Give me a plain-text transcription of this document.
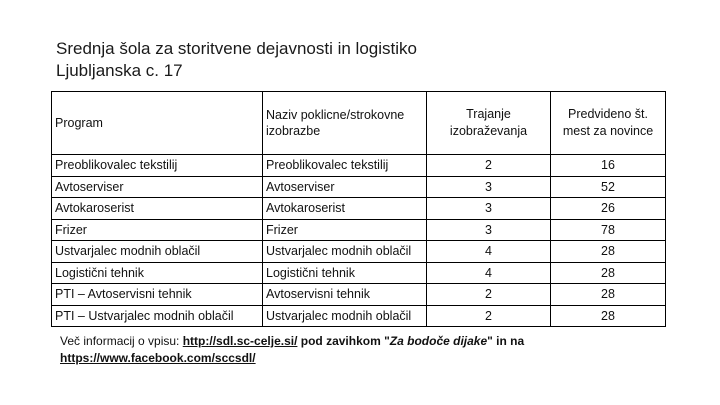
Srednja šola za storitvene dejavnosti in logistiko
Ljubljanska c. 17
Program	Naziv poklicne/strokovne izobrazbe	Trajanje izobraževanja	Predvideno št. mest za novince
Preoblikovalec tekstilij	Preoblikovalec tekstilij	2	16
Avtoserviser	Avtoserviser	3	52
Avtokaroserist	Avtokaroserist	3	26
Frizer	Frizer	3	78
Ustvarjalec modnih oblačil	Ustvarjalec modnih oblačil	4	28
Logistični tehnik	Logistični tehnik	4	28
PTI – Avtoservisni tehnik	Avtoservisni tehnik	2	28
PTI – Ustvarjalec modnih oblačil	Ustvarjalec modnih oblačil	2	28
Več informacij o vpisu: http://sdl.sc-celje.si/ pod zavihkom "Za bodoče dijake" in na
https://www.facebook.com/sccsdl/
